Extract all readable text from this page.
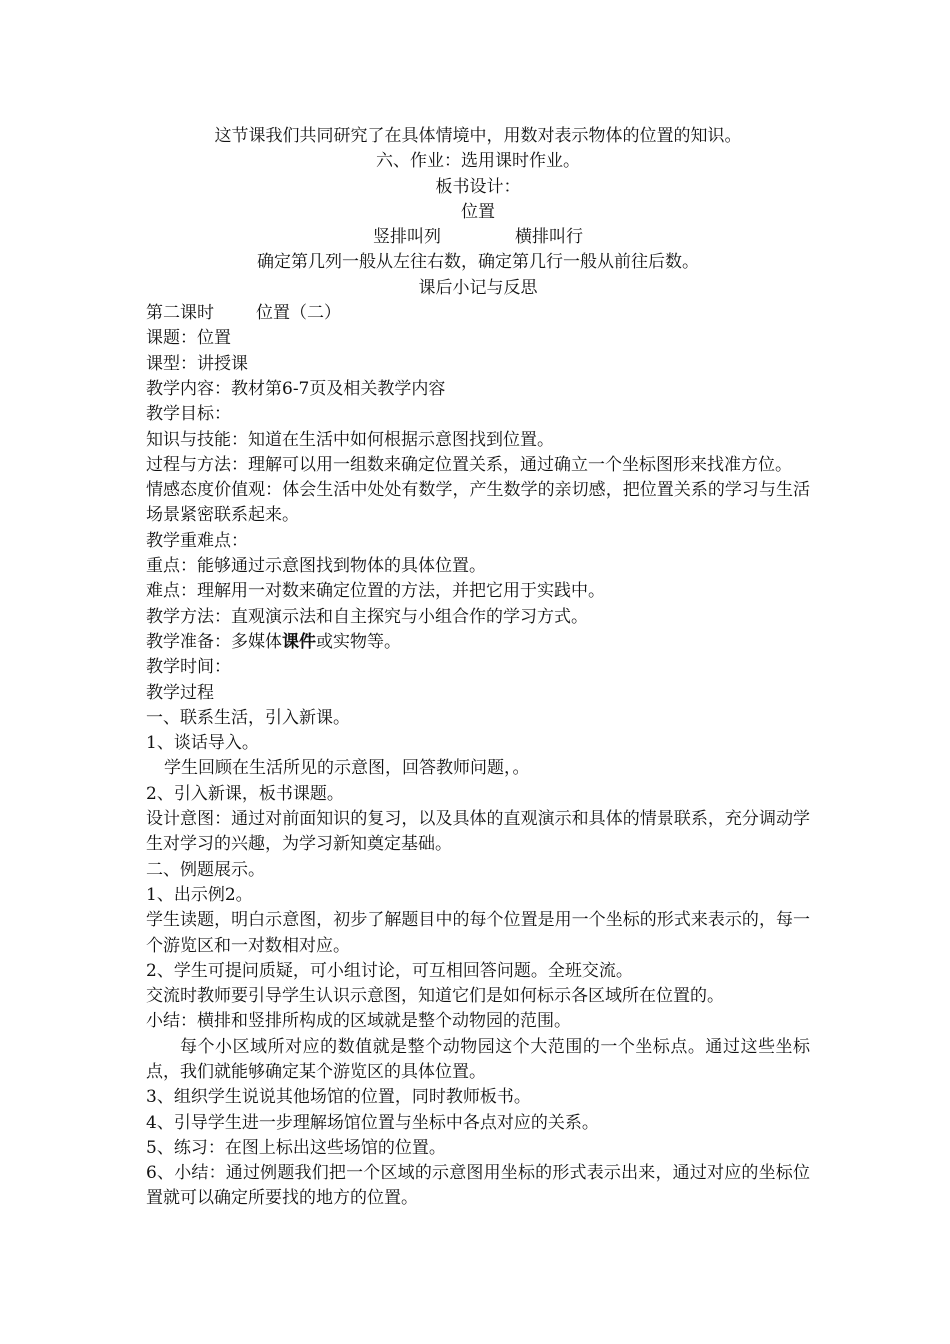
这节课我们共同研究了在具体情境中，用数对表示物体的位置的知识。
六、作业：选用课时作业。
板书设计：
位置
竖排叫列	横排叫行
确定第几列一般从左往右数，确定第几行一般从前往后数。
课后小记与反思
第二课时 位置（二）
课题：位置
课型：讲授课
教学内容：教材第6-7页及相关教学内容
教学目标：
知识与技能：知道在生活中如何根据示意图找到位置。
过程与方法：理解可以用一组数来确定位置关系，通过确立一个坐标图形来找准方位。
情感态度价值观：体会生活中处处有数学，产生数学的亲切感，把位置关系的学习与生活场景紧密联系起来。
教学重难点：
重点：能够通过示意图找到物体的具体位置。
难点：理解用一对数来确定位置的方法，并把它用于实践中。
教学方法：直观演示法和自主探究与小组合作的学习方式。
教学准备：多媒体课件或实物等。
教学时间：
教学过程
一、联系生活，引入新课。
1、谈话导入。
学生回顾在生活所见的示意图，回答教师问题，。
2、引入新课，板书课题。
设计意图：通过对前面知识的复习，以及具体的直观演示和具体的情景联系，充分调动学生对学习的兴趣，为学习新知奠定基础。
二、例题展示。
1、出示例2。
学生读题，明白示意图，初步了解题目中的每个位置是用一个坐标的形式来表示的，每一个游览区和一对数相对应。
2、学生可提问质疑，可小组讨论，可互相回答问题。全班交流。
交流时教师要引导学生认识示意图，知道它们是如何标示各区域所在位置的。
小结：横排和竖排所构成的区域就是整个动物园的范围。
每个小区域所对应的数值就是整个动物园这个大范围的一个坐标点。通过这些坐标点，我们就能够确定某个游览区的具体位置。
3、组织学生说说其他场馆的位置，同时教师板书。
4、引导学生进一步理解场馆位置与坐标中各点对应的关系。
5、练习：在图上标出这些场馆的位置。
6、小结：通过例题我们把一个区域的示意图用坐标的形式表示出来，通过对应的坐标位置就可以确定所要找的地方的位置。
